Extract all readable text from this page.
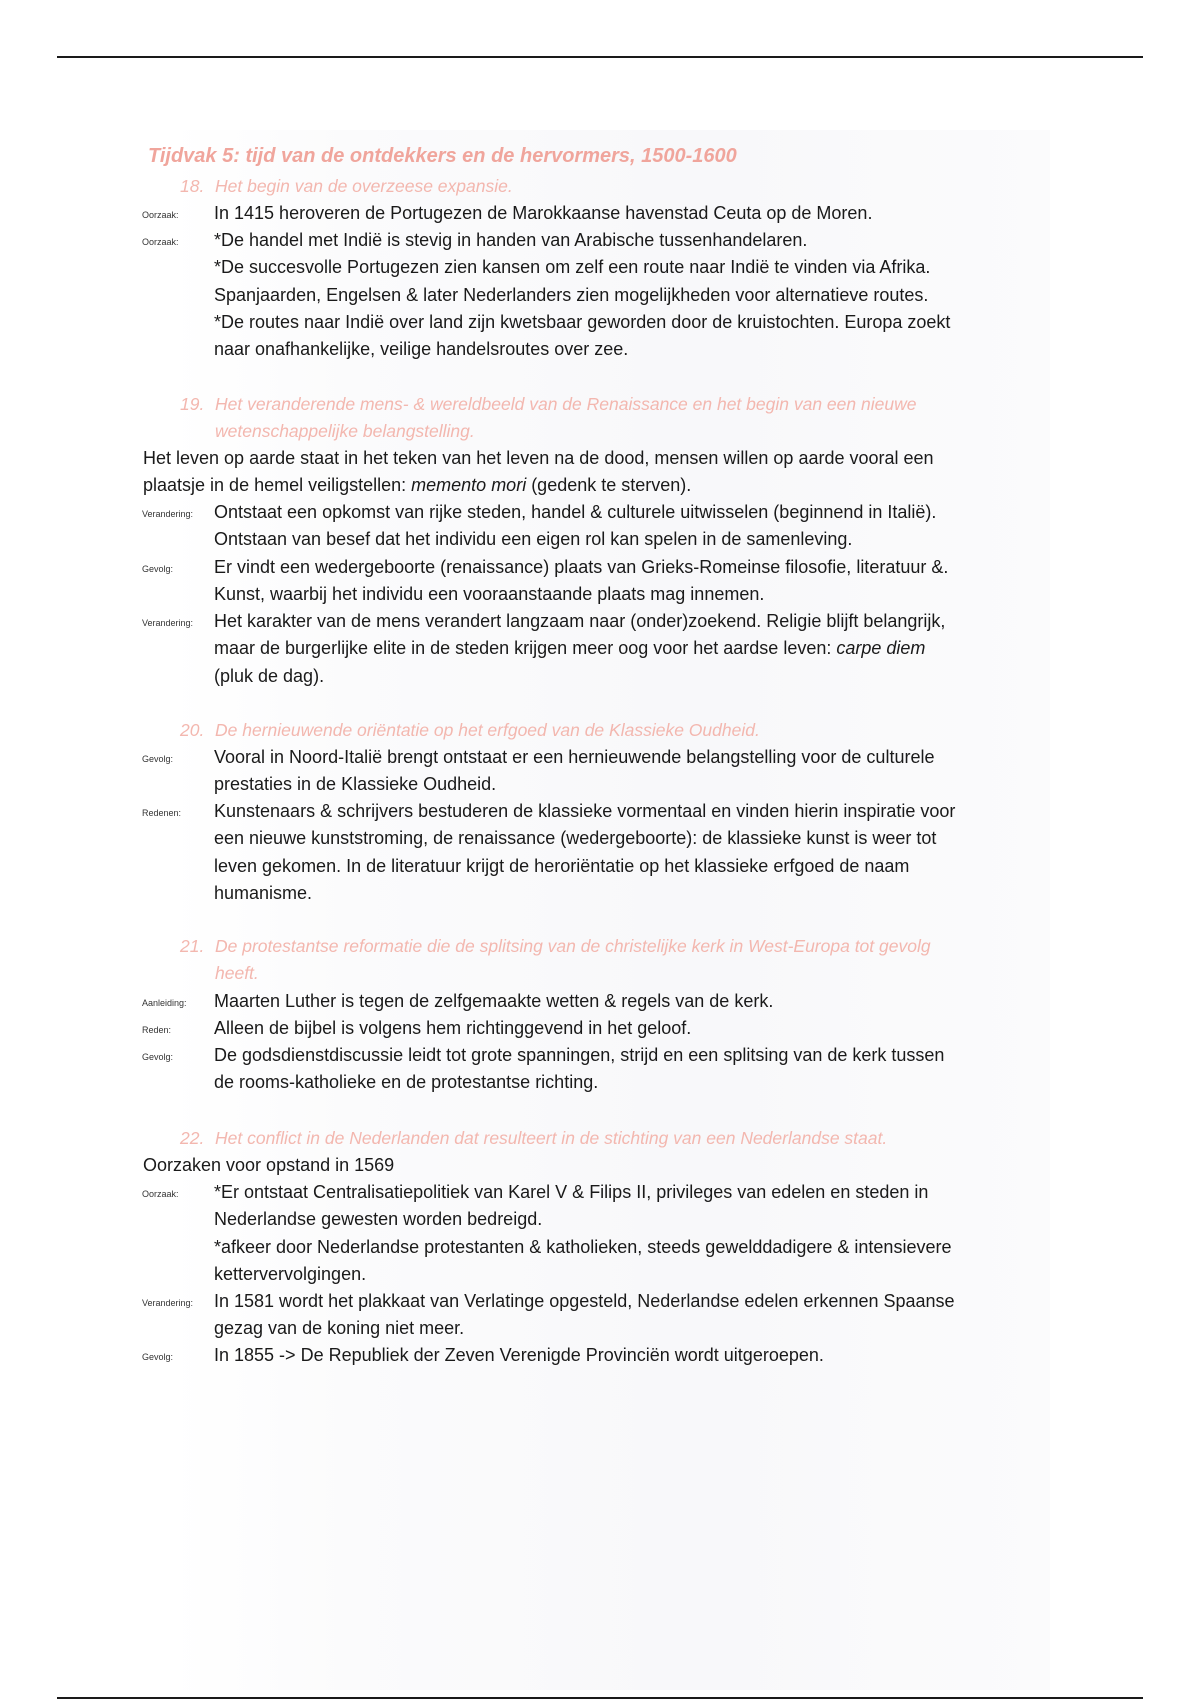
Tijdvak 5: tijd van de ontdekkers en de hervormers, 1500-1600
18. Het begin van de overzeese expansie.
Oorzaak: In 1415 heroveren de Portugezen de Marokkaanse havenstad Ceuta op de Moren.
Oorzaak: *De handel met Indië is stevig in handen van Arabische tussenhandelaren.
*De succesvolle Portugezen zien kansen om zelf een route naar Indië te vinden via Afrika.
Spanjaarden, Engelsen & later Nederlanders zien mogelijkheden voor alternatieve routes.
*De routes naar Indië over land zijn kwetsbaar geworden door de kruistochten. Europa zoekt
naar onafhankelijke, veilige handelsroutes over zee.
19. Het veranderende mens- & wereldbeeld van de Renaissance en het begin van een nieuwe
wetenschappelijke belangstelling.
Het leven op aarde staat in het teken van het leven na de dood, mensen willen op aarde vooral een
plaatsje in de hemel veiligstellen: memento mori (gedenk te sterven).
Verandering: Ontstaat een opkomst van rijke steden, handel & culturele uitwisselen (beginnend in Italië).
Ontstaan van besef dat het individu een eigen rol kan spelen in de samenleving.
Gevolg: Er vindt een wedergeboorte (renaissance) plaats van Grieks-Romeinse filosofie, literatuur &.
Kunst, waarbij het individu een vooraanstaande plaats mag innemen.
Verandering: Het karakter van de mens verandert langzaam naar (onder)zoekend. Religie blijft belangrijk,
maar de burgerlijke elite in de steden krijgen meer oog voor het aardse leven: carpe diem
(pluk de dag).
20. De hernieuwende oriëntatie op het erfgoed van de Klassieke Oudheid.
Gevolg: Vooral in Noord-Italië brengt ontstaat er een hernieuwende belangstelling voor de culturele
prestaties in de Klassieke Oudheid.
Redenen: Kunstenaars & schrijvers bestuderen de klassieke vormentaal en vinden hierin inspiratie voor
een nieuwe kunststroming, de renaissance (wedergeboorte): de klassieke kunst is weer tot
leven gekomen. In de literatuur krijgt de heroriëntatie op het klassieke erfgoed de naam
humanisme.
21. De protestantse reformatie die de splitsing van de christelijke kerk in West-Europa tot gevolg
heeft.
Aanleiding: Maarten Luther is tegen de zelfgemaakte wetten & regels van de kerk.
Reden: Alleen de bijbel is volgens hem richtinggevend in het geloof.
Gevolg: De godsdienstdiscussie leidt tot grote spanningen, strijd en een splitsing van de kerk tussen
de rooms-katholieke en de protestantse richting.
22. Het conflict in de Nederlanden dat resulteert in de stichting van een Nederlandse staat.
Oorzaken voor opstand in 1569
Oorzaak: *Er ontstaat Centralisatiepolitiek van Karel V & Filips II, privileges van edelen en steden in
Nederlandse gewesten worden bedreigd.
*afkeer door Nederlandse protestanten & katholieken, steeds gewelddadigere & intensievere
kettervervolgingen.
Verandering: In 1581 wordt het plakkaat van Verlatinge opgesteld, Nederlandse edelen erkennen Spaanse
gezag van de koning niet meer.
Gevolg: In 1855 -> De Republiek der Zeven Verenigde Provinciën wordt uitgeroepen.
